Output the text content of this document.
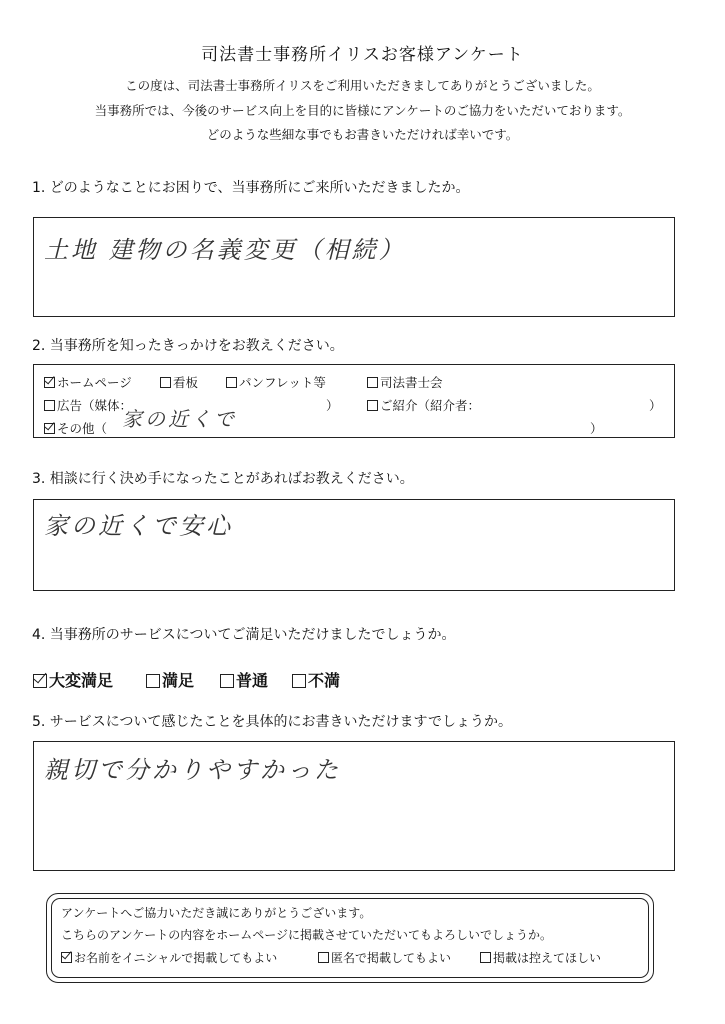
司法書士事務所イリスお客様アンケート
この度は、司法書士事務所イリスをご利用いただきましてありがとうございました。
当事務所では、今後のサービス向上を目的に皆様にアンケートのご協力をいただいております。
どのような些細な事でもお書きいただければ幸いです。
1. どのようなことにお困りで、当事務所にご来所いただきましたか。
土地 建物の名義変更（相続）
2. 当事務所を知ったきっかけをお教えください。
ホームページ	看板	パンフレット等	司法書士会
広告（媒体：	）	ご紹介（紹介者：	）
その他（ 家の近くで	）
3. 相談に行く決め手になったことがあればお教えください。
家の近くで安心
4. 当事務所のサービスについてご満足いただけましたでしょうか。
大変満足	満足	普通	不満
5. サービスについて感じたことを具体的にお書きいただけますでしょうか。
親切で分かりやすかった
アンケートへご協力いただき誠にありがとうございます。
こちらのアンケートの内容をホームページに掲載させていただいてもよろしいでしょうか。
お名前をイニシャルで掲載してもよい	匿名で掲載してもよい	掲載は控えてほしい
